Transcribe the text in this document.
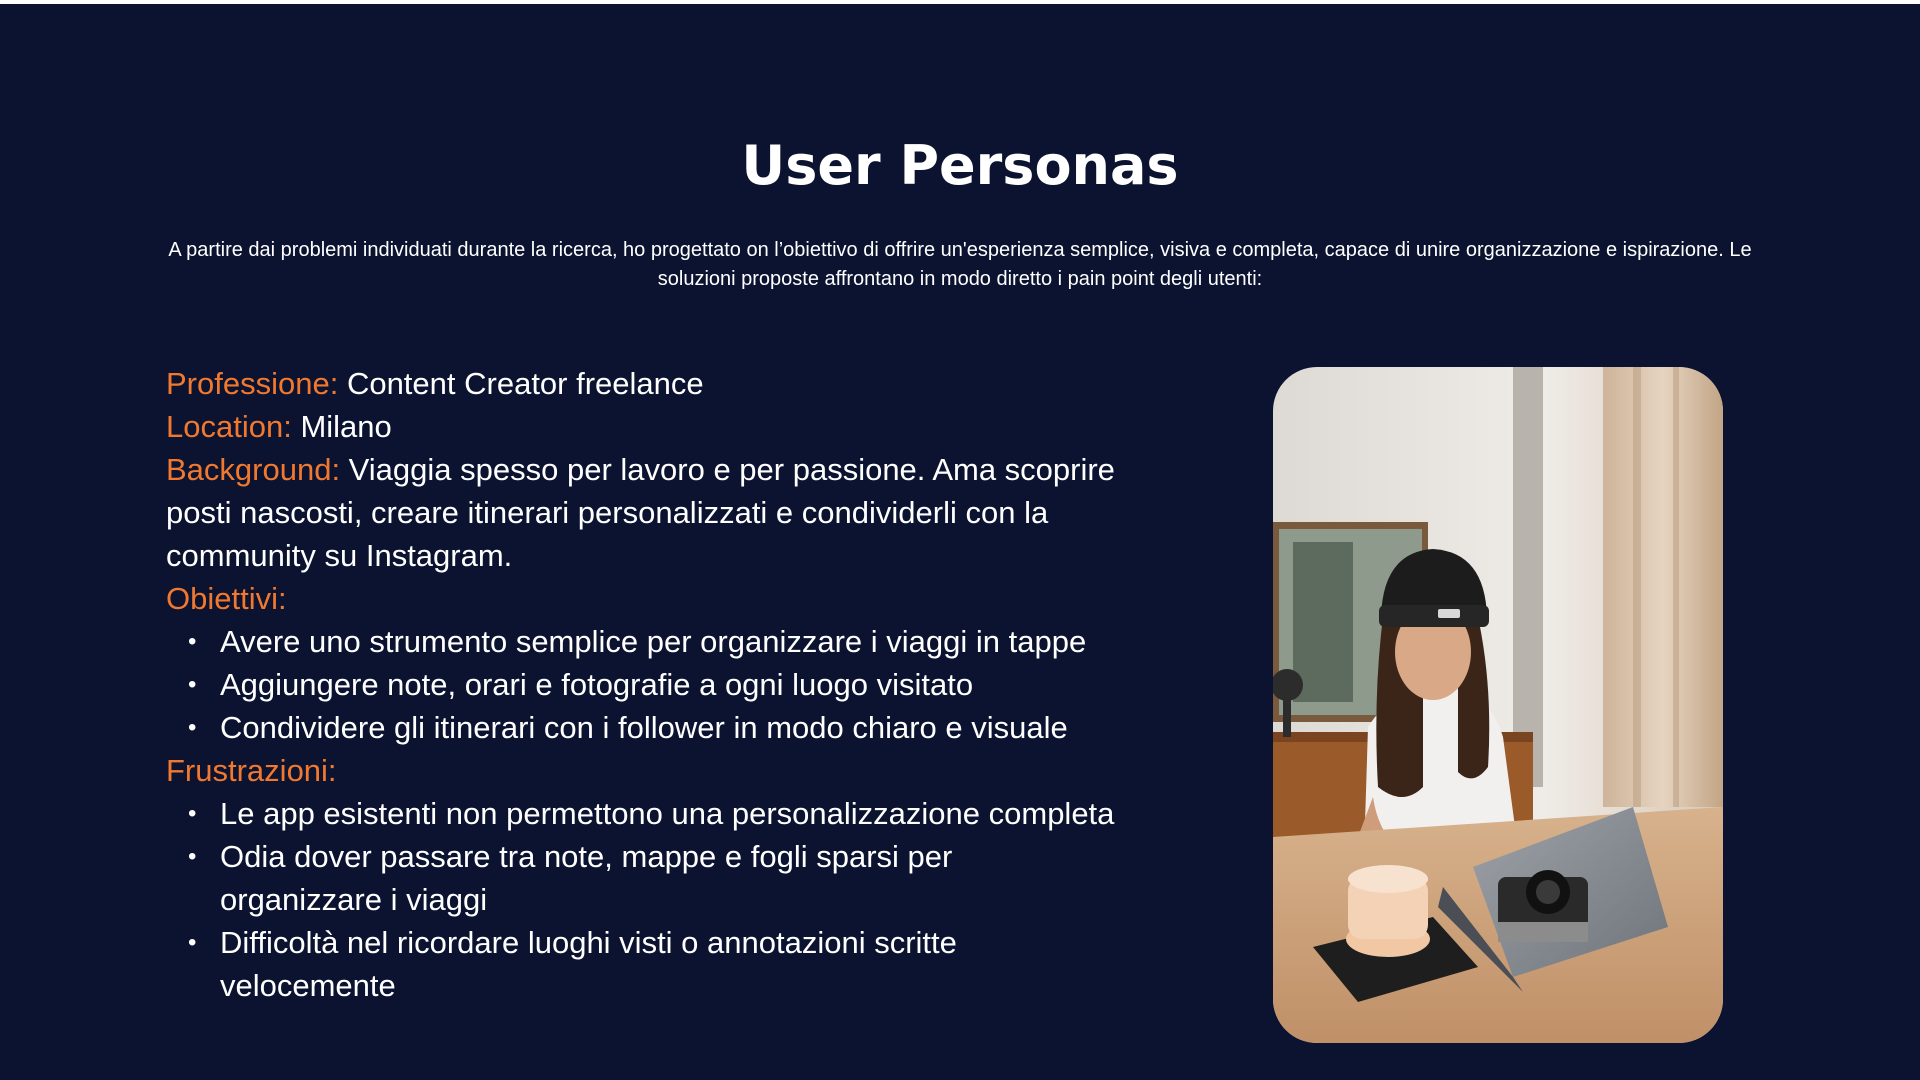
User Personas

A partire dai problemi individuati durante la ricerca, ho progettato on l’obiettivo di offrire un'esperienza semplice, visiva e completa, capace di unire organizzazione e ispirazione. Le soluzioni proposte affrontano in modo diretto i pain point degli utenti:

Professione: Content Creator freelance

Location: Milano

Background: Viaggia spesso per lavoro e per passione. Ama scoprire posti nascosti, creare itinerari personalizzati e condividerli con la community su Instagram.

Obiettivi:

• Avere uno strumento semplice per organizzare i viaggi in tappe
• Aggiungere note, orari e fotografie a ogni luogo visitato
• Condividere gli itinerari con i follower in modo chiaro e visuale

Frustrazioni:

• Le app esistenti non permettono una personalizzazione completa
• Odia dover passare tra note, mappe e fogli sparsi per organizzare i viaggi
• Difficoltà nel ricordare luoghi visti o annotazioni scritte velocemente
